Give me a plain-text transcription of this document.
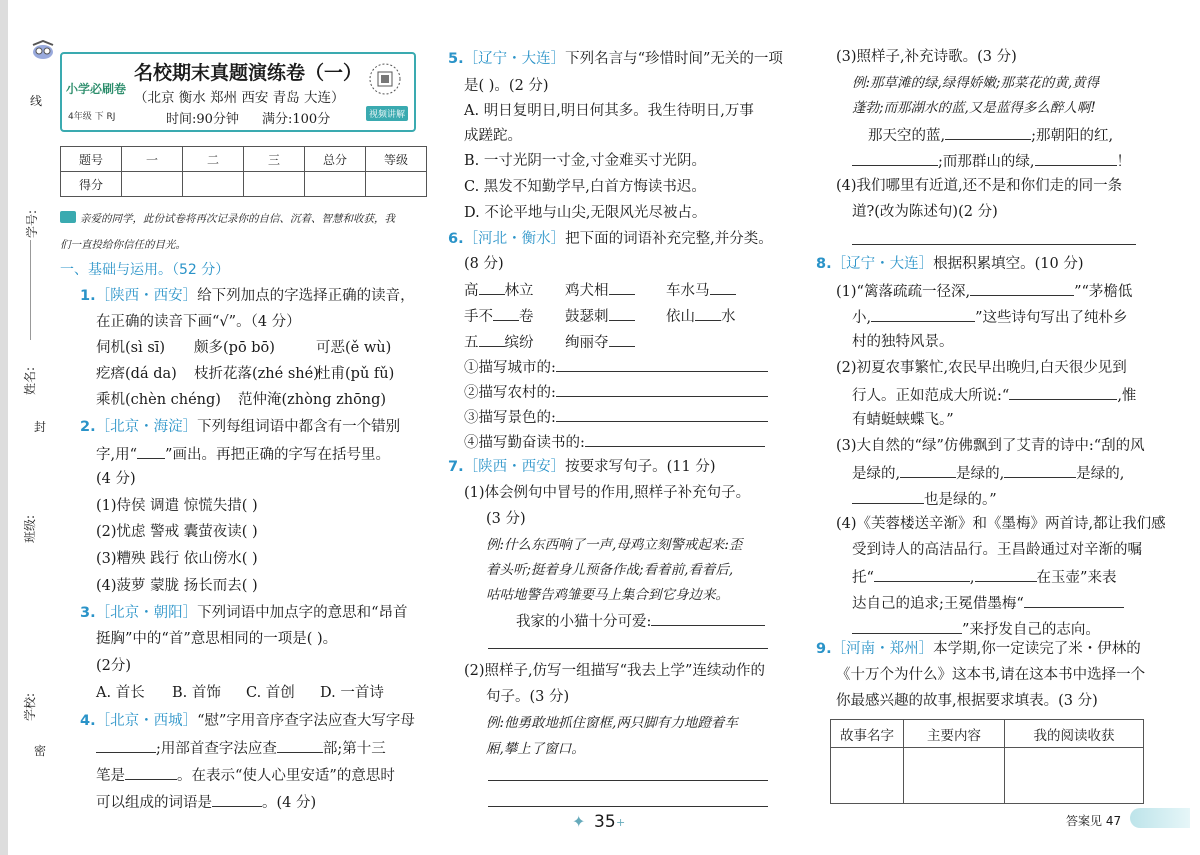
小学必刷卷
4年级 下 RJ
名校期末真题演练卷（一）
（北京 衡水 郑州 西安 青岛 大连）
时间:90分钟 满分:100分	视频讲解
题号	一	二	三	总分	等级
得分					
线
学号:
姓名:
封
班级:
学校:
密
亲爱的同学，此份试卷将再次记录你的自信、沉着、智慧和收获，我
们一直投给你信任的目光。
一、基础与运用。（52 分）
1.［陕西・西安］给下列加点的字选择正确的读音，
在正确的读音下画“√”。（4 分）
伺机(sì sī) 颇多(pō bō)	可恶(ě wù)
疙瘩(dá da) 枝折花落(zhé shé)
杜甫(pǔ fǔ)
乘机(chèn chéng) 范仲淹(zhòng zhōng)
2.［北京・海淀］下列每组词语中都含有一个错别
字,用“ ”画出。再把正确的字写在括号里。
(4 分)
(1)侍侯 调遣 惊慌失措( )
(2)忧虑 警戒 囊萤夜读( )
(3)糟殃 践行 依山傍水( )
(4)菠萝 蒙胧 扬长而去( )
3.［北京・朝阳］下列词语中加点字的意思和“昂首
挺胸”中的“首”意思相同的一项是( )。
(2分)
A. 首长 B. 首饰 C. 首创 D. 一首诗
4.［北京・西城］“慰”字用音序查字法应查大写字母
;用部首查字法应查	部;第十三
笔是	。在表示“使人心里安适”的意思时
可以组成的词语是	。(4 分)
5.［辽宁・大连］下列名言与“珍惜时间”无关的一项
是( )。(2 分)
A. 明日复明日,明日何其多。我生待明日,万事
成蹉跎。
B. 一寸光阴一寸金,寸金难买寸光阴。
C. 黑发不知勤学早,白首方悔读书迟。
D. 不论平地与山尖,无限风光尽被占。
6.［河北・衡水］把下面的词语补充完整,并分类。
(8 分)
高 林立 鸡犬相	车水马
手不 卷 鼓瑟刺	依山 水
五 缤纷 绚丽夺
①描写城市的:
②描写农村的:
③描写景色的:
④描写勤奋读书的:
7.［陕西・西安］按要求写句子。(11 分)
(1)体会例句中冒号的作用,照样子补充句子。
(3 分)
例:什么东西响了一声,母鸡立刻警戒起来:歪
着头听;挺着身儿预备作战;看着前,看着后,
咕咕地警告鸡雏要马上集合到它身边来。
我家的小猫十分可爱:
(2)照样子,仿写一组描写“我去上学”连续动作的
句子。(3 分)
例:他勇敢地抓住窗框,两只脚有力地蹬着车
厢,攀上了窗口。
✦ 35 +
(3)照样子,补充诗歌。(3 分)
例:那草滩的绿,绿得娇嫩;那菜花的黄,黄得
蓬勃;而那湖水的蓝,又是蓝得多么醉人啊!
那天空的蓝,	;那朝阳的红,
;而那群山的绿,	！
(4)我们哪里有近道,还不是和你们走的同一条
道?(改为陈述句)(2 分)
8.［辽宁・大连］根据积累填空。(10 分)
(1)“篱落疏疏一径深,	”“茅檐低
小,	”这些诗句写出了纯朴乡
村的独特风景。
(2)初夏农事繁忙,农民早出晚归,白天很少见到
行人。正如范成大所说:“	,惟
有蜻蜓蛱蝶飞。”
(3)大自然的“绿”仿佛飘到了艾青的诗中:“刮的风
是绿的,	是绿的,	是绿的,
也是绿的。”
(4)《芙蓉楼送辛渐》和《墨梅》两首诗,都让我们感
受到诗人的高洁品行。王昌龄通过对辛渐的嘱
托“	,	在玉壶”来表
达自己的追求;王冕借墨梅“
”来抒发自己的志向。
9.［河南・郑州］本学期,你一定读完了米・伊林的
《十万个为什么》这本书,请在这本书中选择一个
你最感兴趣的故事,根据要求填表。(3 分)
故事名字	主要内容	我的阅读收获

答案见 47
